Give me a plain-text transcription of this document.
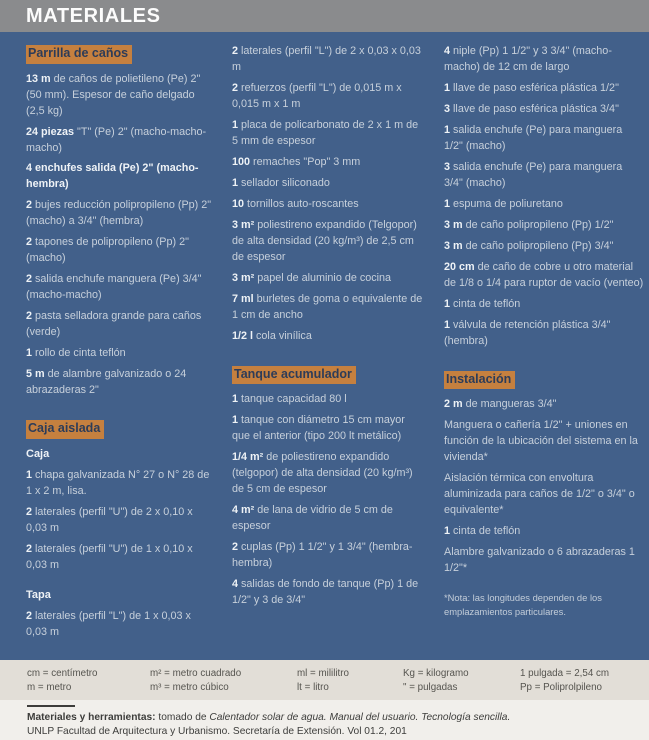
MATERIALES
Parrilla de caños

13 m de caños de polietileno (Pe) 2" (50 mm). Espesor de caño delgado (2,5 kg)

24 piezas "T" (Pe) 2" (macho-macho-macho)

4 enchufes salida (Pe) 2" (macho-hembra)

2 bujes reducción polipropileno (Pp) 2" (macho) a 3/4" (hembra)

2 tapones de polipropileno (Pp) 2" (macho)

2 salida enchufe manguera (Pe) 3/4" (macho-macho)

2 pasta selladora grande para caños (verde)

1 rollo de cinta teflón

5 m de alambre galvanizado o 24 abrazaderas 2"

Caja aislada
Caja

1 chapa galvanizada N° 27 o N° 28 de 1 x 2 m, lisa.

2 laterales (perfil "U") de 2 x 0,10 x 0,03 m

2 laterales (perfil "U") de 1 x 0,10 x 0,03 m

Tapa

2 laterales (perfil "L") de 1 x 0,03 x 0,03 m

2 laterales (perfil "L") de 2 x 0,03 x 0,03 m

2 refuerzos (perfil "L") de 0,015 m x 0,015 m x 1 m

1 placa de policarbonato de 2 x 1 m de 5 mm de espesor

100 remaches "Pop" 3 mm

1 sellador siliconado

10 tornillos auto-roscantes

3 m² poliestireno expandido (Telgopor) de alta densidad (20 kg/m³) de 2,5 cm de espesor

3 m² papel de aluminio de cocina

7 ml burletes de goma o equivalente de 1 cm de ancho

1/2 l cola vinílica

Tanque acumulador

1 tanque capacidad 80 l

1 tanque con diámetro 15 cm mayor que el anterior (tipo 200 lt metálico)

1/4 m² de poliestireno expandido (telgopor) de alta densidad (20 kg/m³) de 5 cm de espesor

4 m² de lana de vidrio de 5 cm de espesor

2 cuplas (Pp) 1 1/2" y 1 3/4" (hembra-hembra)

4 salidas de fondo de tanque (Pp) 1 de 1/2" y 3 de 3/4"

4 niple (Pp) 1 1/2" y 3 3/4" (macho-macho) de 12 cm de largo

1 llave de paso esférica plástica 1/2"

3 llave de paso esférica plástica 3/4"

1 salida enchufe (Pe) para manguera 1/2" (macho)

3 salida enchufe (Pe) para manguera 3/4" (macho)

1 espuma de poliuretano

3 m de caño polipropileno (Pp) 1/2"

3 m de caño polipropileno (Pp) 3/4"

20 cm de caño de cobre u otro material de 1/8 o 1/4 para ruptor de vacío (venteo)

1 cinta de teflón

1 válvula de retención plástica 3/4" (hembra)

Instalación

2 m de mangueras 3/4"

Manguera o cañería 1/2" + uniones en función de la ubicación del sistema en la vivienda*

Aislación térmica con envoltura aluminizada para caños de 1/2" o 3/4" o equivalente*

1 cinta de teflón

Alambre galvanizado o 6 abrazaderas 1 1/2"*

*Nota: las longitudes dependen de los emplazamientos particulares.

cm = centímetro
m = metro
m² = metro cuadrado
m³ = metro cúbico
ml = mililitro
lt = litro
Kg = kilogramo
" = pulgadas
1 pulgada = 2,54 cm
Pp = Poliprolpileno
Materiales y herramientas: tomado de Calentador solar de agua. Manual del usuario. Tecnología sencilla.
UNLP Facultad de Arquitectura y Urbanismo. Secretaría de Extensión. Vol 01.2, 201
